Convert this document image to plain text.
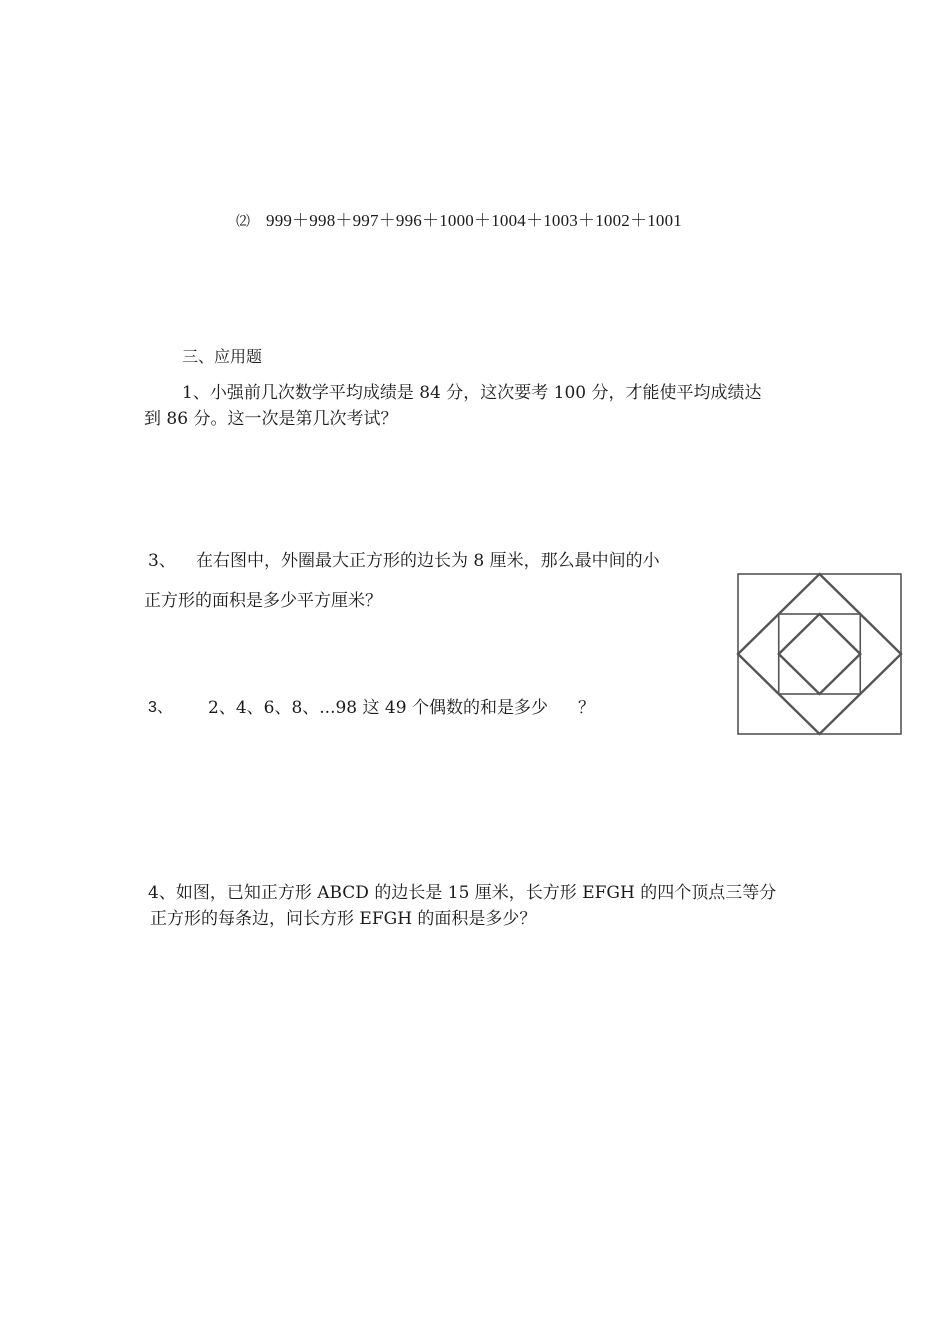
⑵ 999＋998＋997＋996＋1000＋1004＋1003＋1002＋1001
三、应用题
1、小强前几次数学平均成绩是 84 分，这次要考 100 分，才能使平均成绩达
到 86 分。这一次是第几次考试？
3、 在右图中，外圈最大正方形的边长为 8 厘米，那么最中间的小
正方形的面积是多少平方厘米？
3、 2、4、6、8、...98 这 49 个偶数的和是多少 ？
4、如图，已知正方形 ABCD 的边长是 15 厘米，长方形 EFGH 的四个顶点三等分
正方形的每条边，问长方形 EFGH 的面积是多少？
